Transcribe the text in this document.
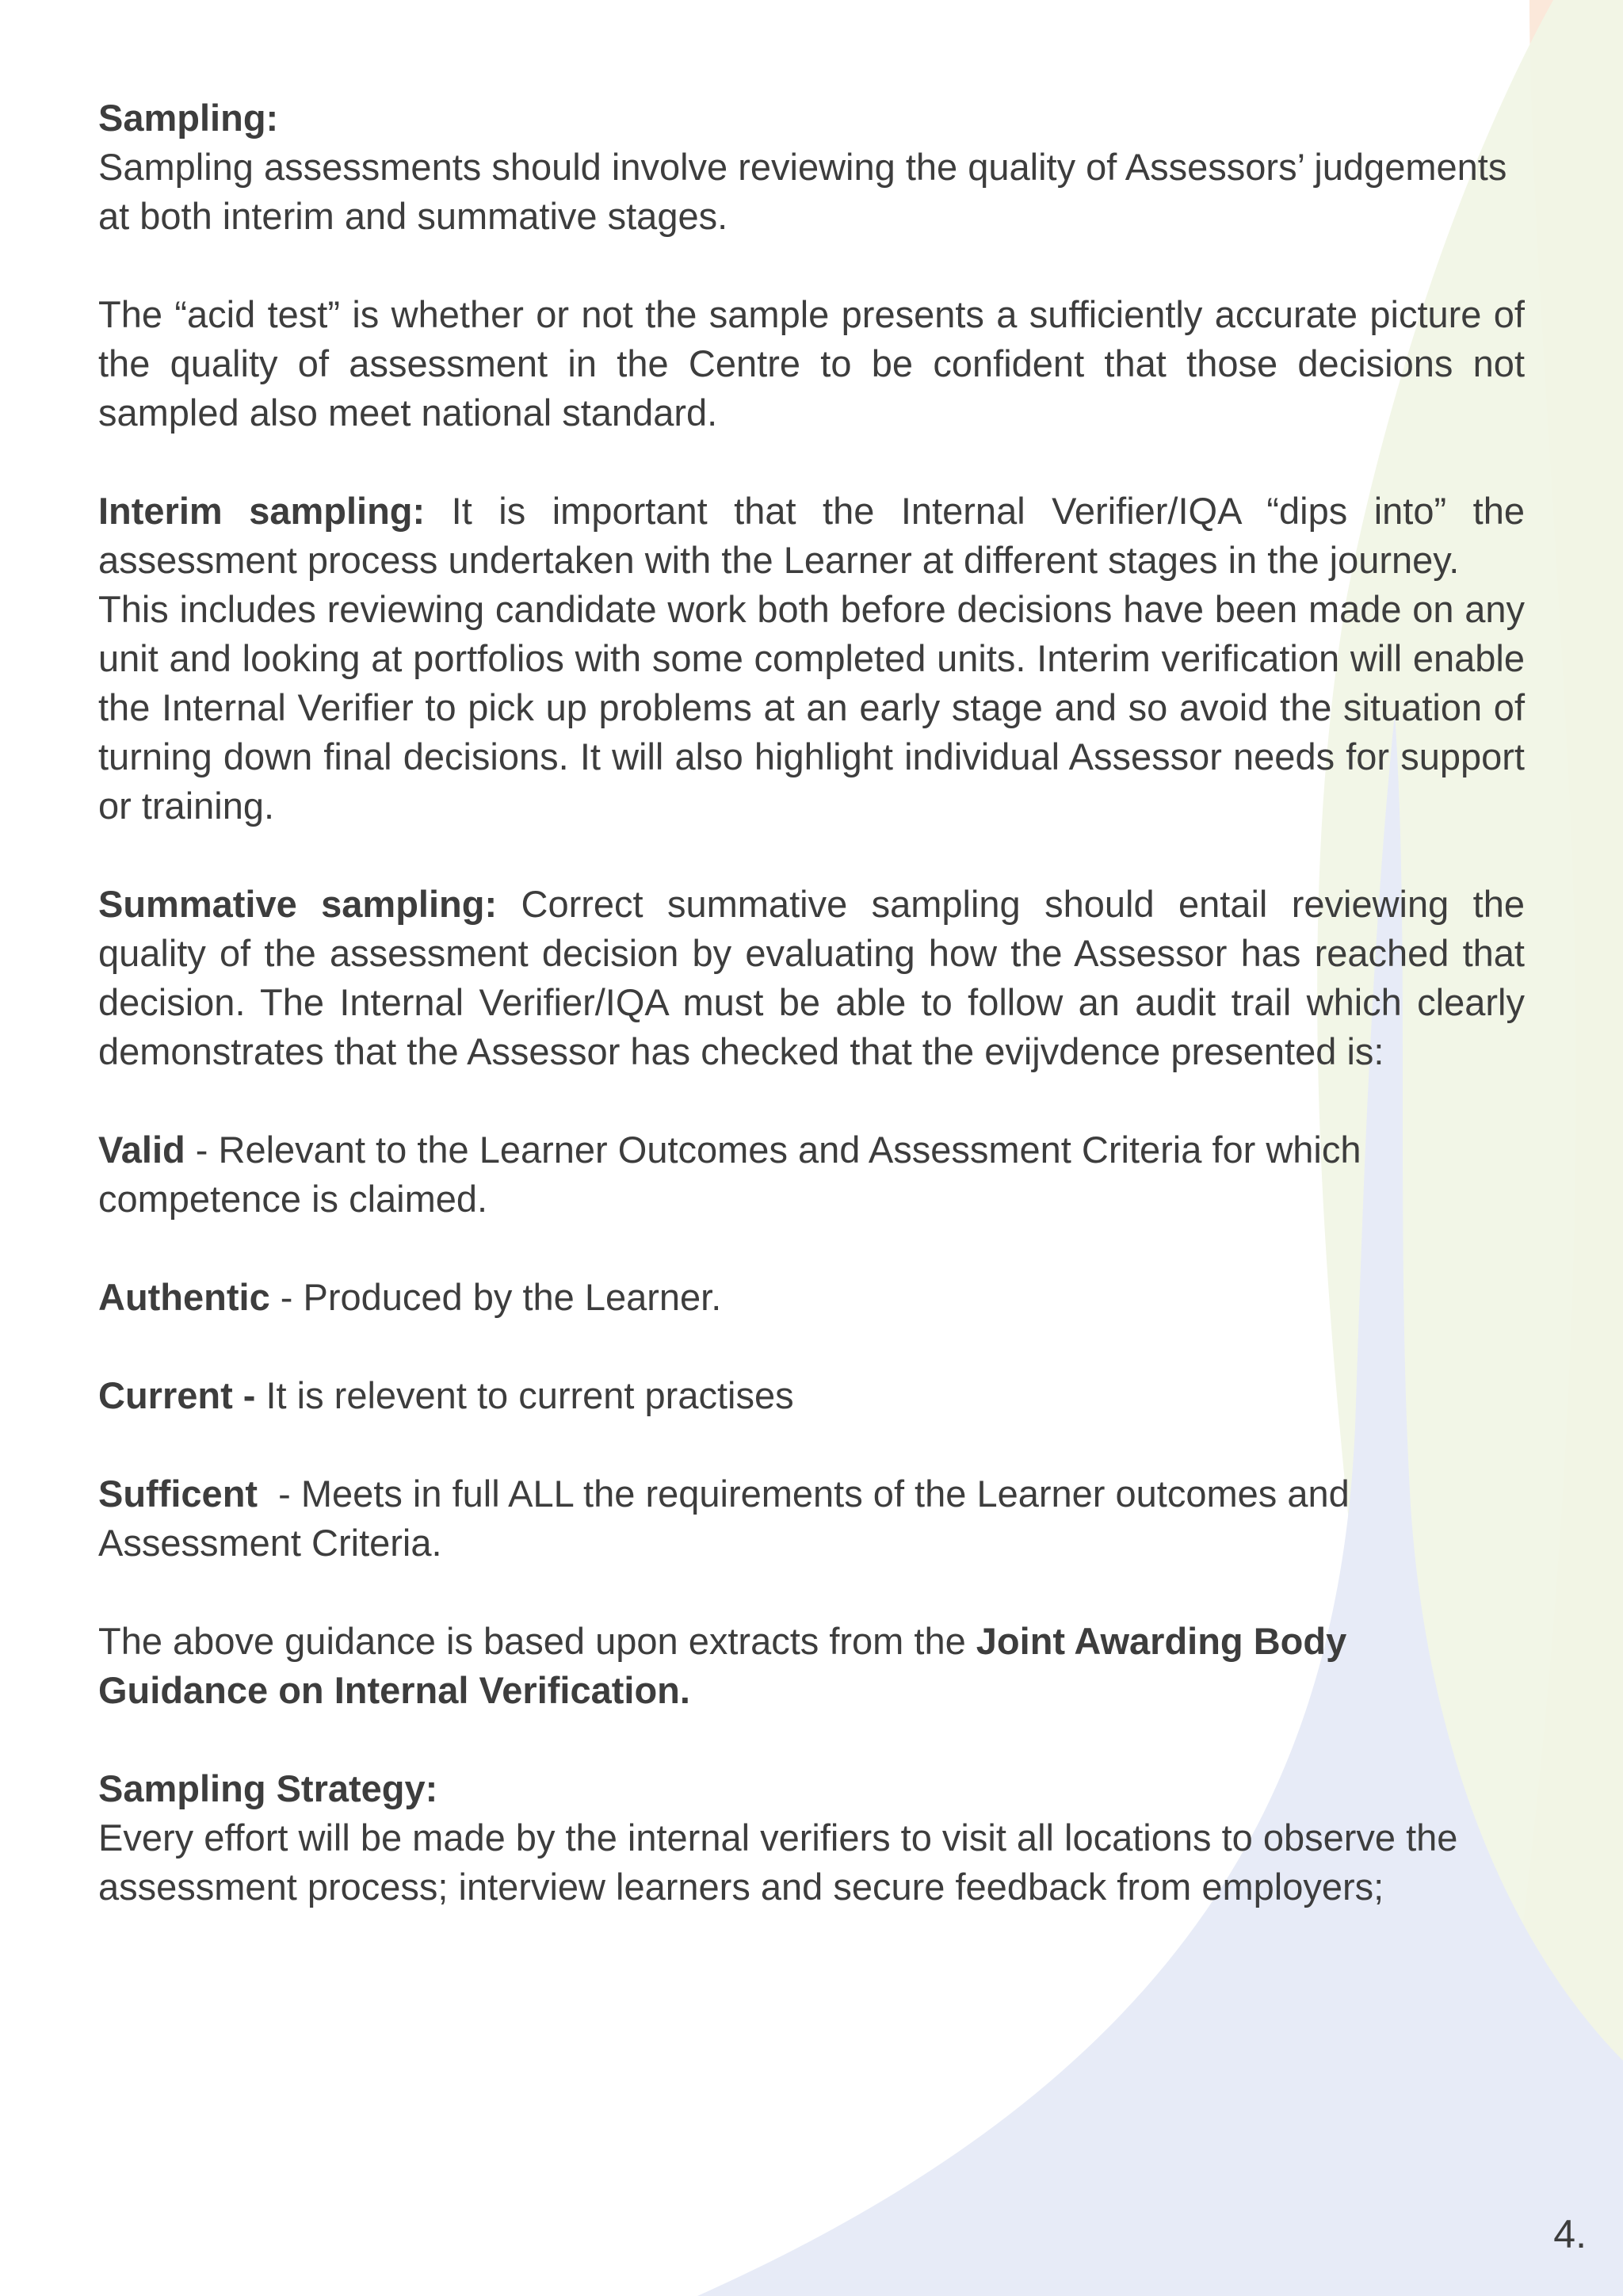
Sampling:

Sampling assessments should involve reviewing the quality of Assessors’ judgements at both interim and summative stages.

The “acid test” is whether or not the sample presents a sufficiently accurate picture of the quality of assessment in the Centre to be confident that those decisions not sampled also meet national standard.

Interim sampling: It is important that the Internal Verifier/IQA “dips into” the assessment process undertaken with the Learner at different stages in the journey.

This includes reviewing candidate work both before decisions have been made on any unit and looking at portfolios with some completed units. Interim verification will enable the Internal Verifier to pick up problems at an early stage and so avoid the situation of turning down final decisions. It will also highlight individual Assessor needs for support or training.

Summative sampling: Correct summative sampling should entail reviewing the quality of the assessment decision by evaluating how the Assessor has reached that decision. The Internal Verifier/IQA must be able to follow an audit trail which clearly demonstrates that the Assessor has checked that the evijvdence presented is:

Valid - Relevant to the Learner Outcomes and Assessment Criteria for which competence is claimed.

Authentic - Produced by the Learner.

Current - It is relevent to current practises

Sufficent  - Meets in full ALL the requirements of the Learner outcomes and Assessment Criteria.

The above guidance is based upon extracts from the Joint Awarding Body Guidance on Internal Verification.

Sampling Strategy:

Every effort will be made by the internal verifiers to visit all locations to observe the assessment process; interview learners and secure feedback from employers;

4.
